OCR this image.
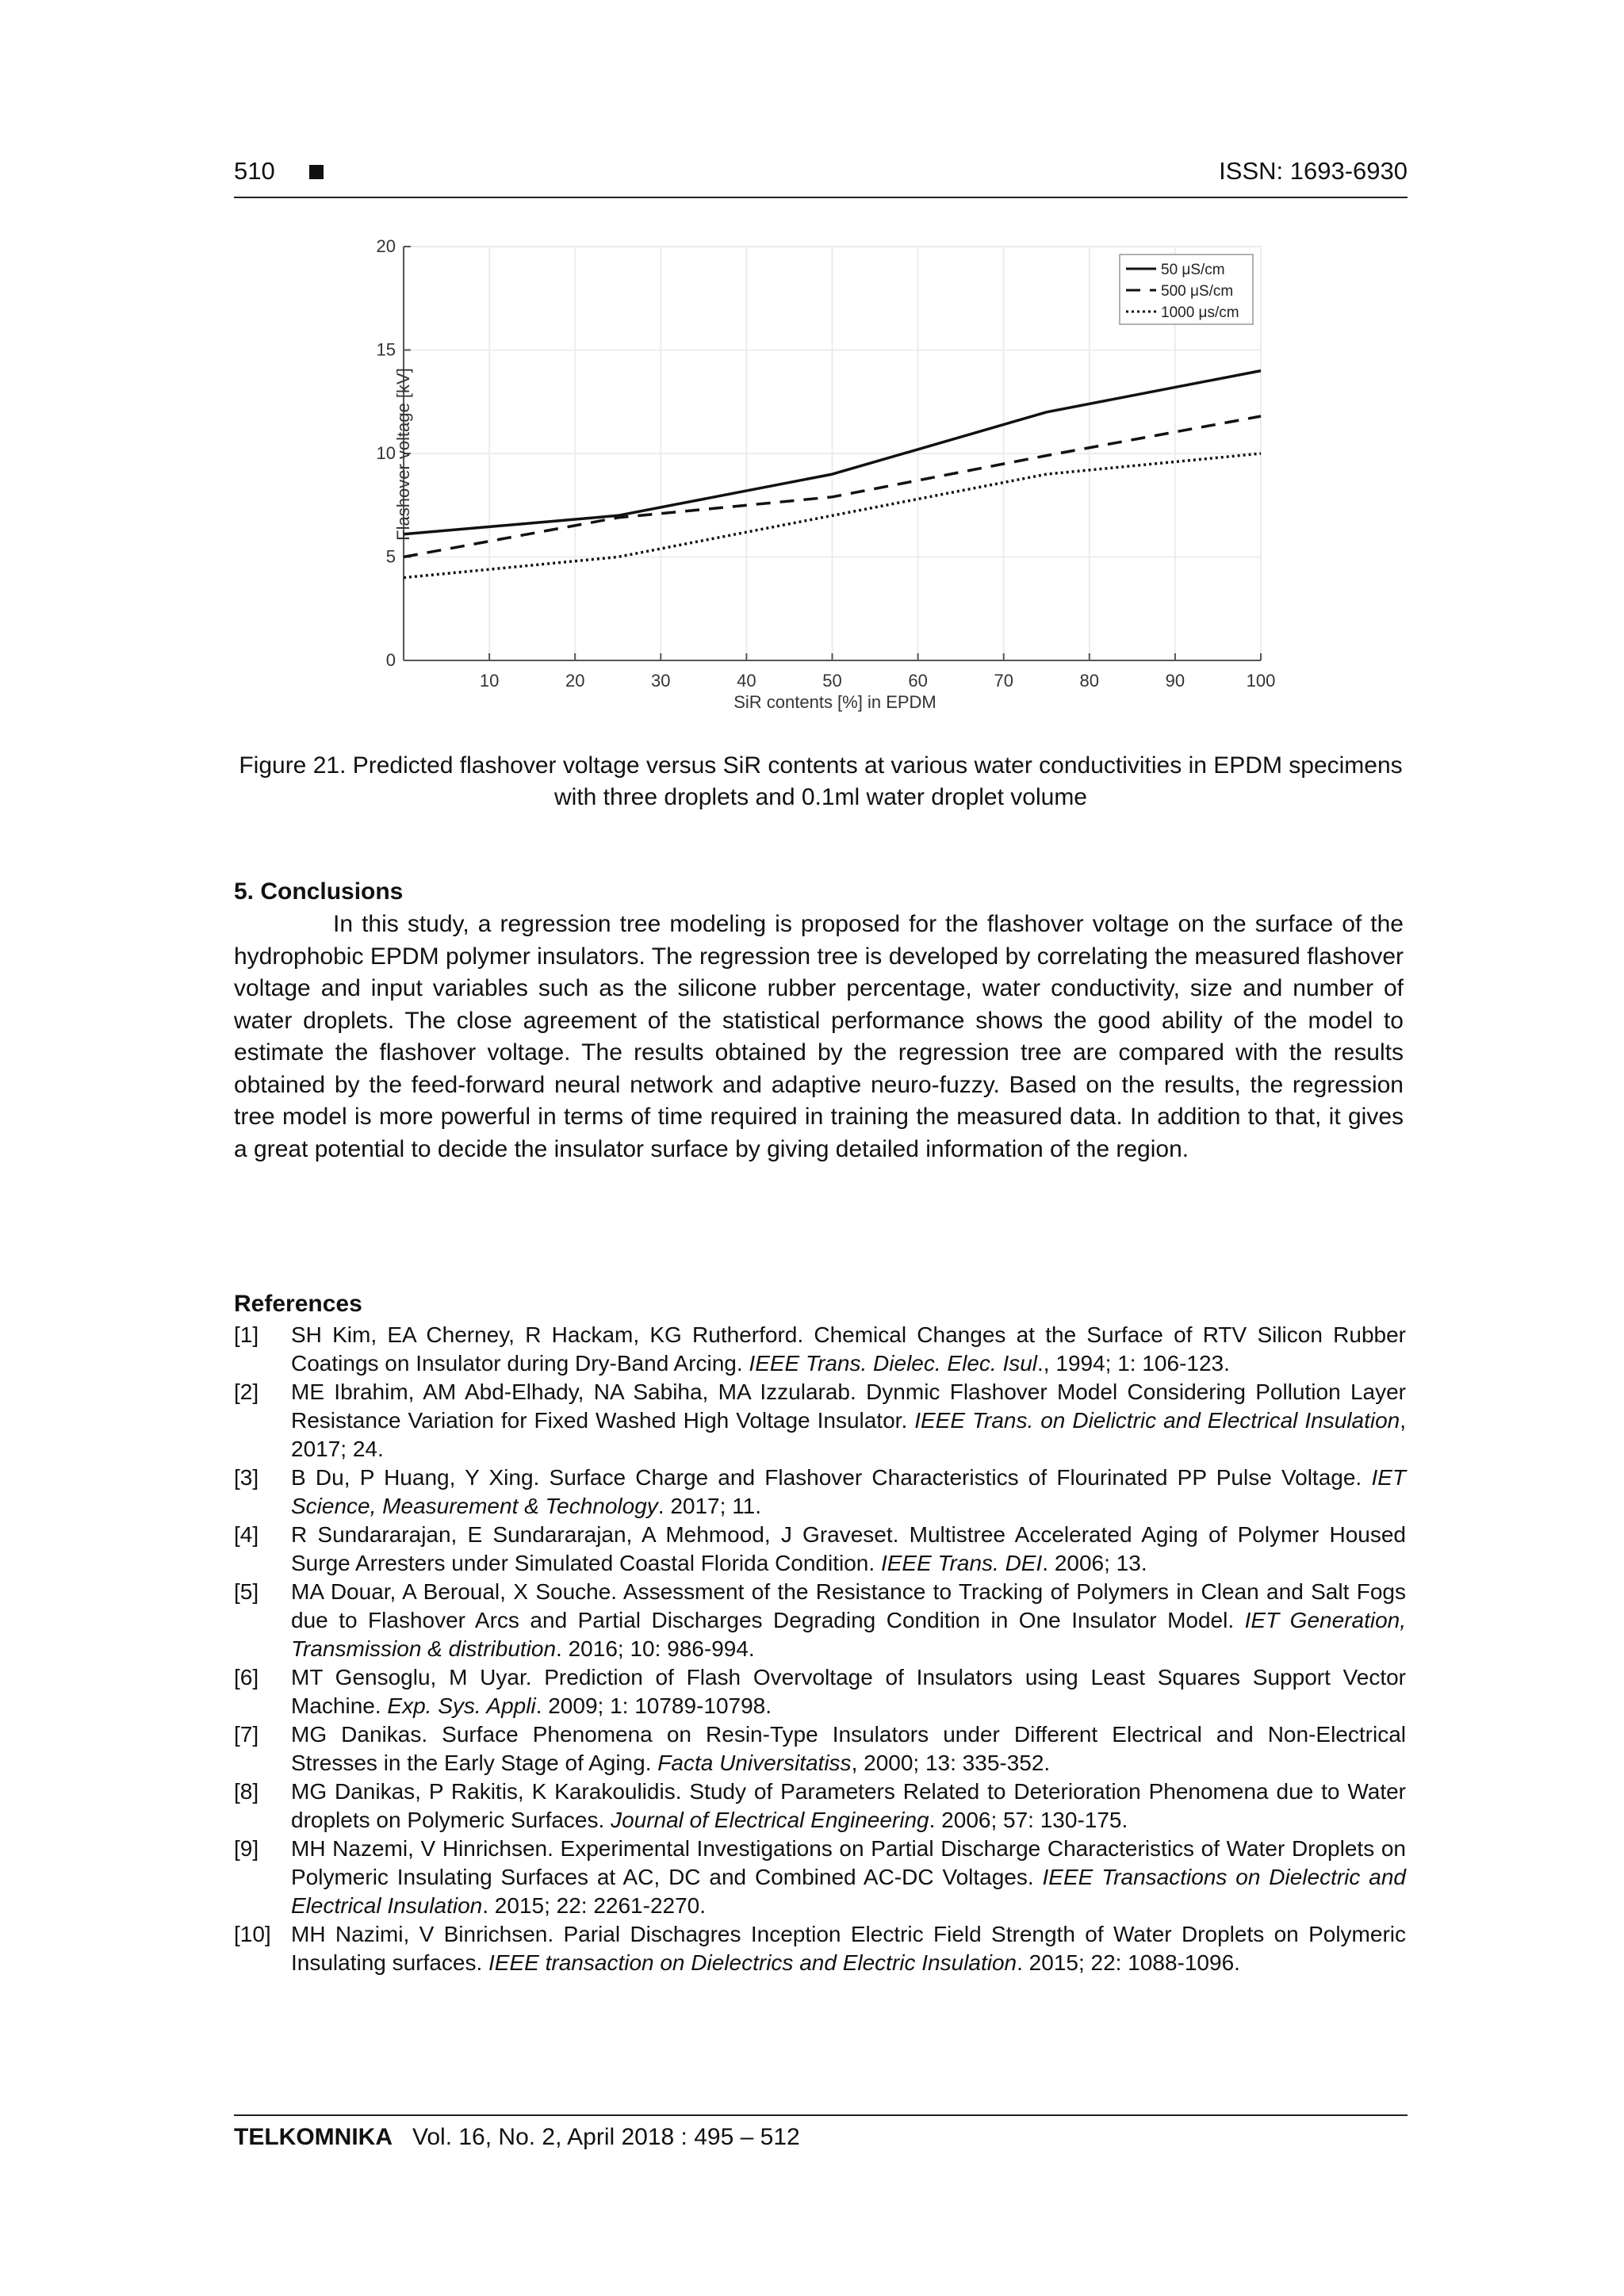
510	ISSN: 1693-6930
10	20	30	40	50	60	70	80	90	100
0
5
10
15
20
50 μS/cm
500 μS/cm
1000 μs/cm
SiR contents [%] in EPDM
Flashover voltage [kV]
Figure 21. Predicted flashover voltage versus SiR contents at various water conductivities in EPDM specimens with three droplets and 0.1ml water droplet volume
5. Conclusions

In this study, a regression tree modeling is proposed for the flashover voltage on the surface of the hydrophobic EPDM polymer insulators. The regression tree is developed by correlating the measured flashover voltage and input variables such as the silicone rubber percentage, water conductivity, size and number of water droplets. The close agreement of the statistical performance shows the good ability of the model to estimate the flashover voltage. The results obtained by the regression tree are compared with the results obtained by the feed-forward neural network and adaptive neuro-fuzzy. Based on the results, the regression tree model is more powerful in terms of time required in training the measured data. In addition to that, it gives a great potential to decide the insulator surface by giving detailed information of the region.

References
[1] SH Kim, EA Cherney, R Hackam, KG Rutherford. Chemical Changes at the Surface of RTV Silicon Rubber Coatings on Insulator during Dry-Band Arcing. IEEE Trans. Dielec. Elec. Isul., 1994; 1: 106-123.
[2] ME Ibrahim, AM Abd-Elhady, NA Sabiha, MA Izzularab. Dynmic Flashover Model Considering Pollution Layer Resistance Variation for Fixed Washed High Voltage Insulator. IEEE Trans. on Dielictric and Electrical Insulation, 2017; 24.
[3] B Du, P Huang, Y Xing. Surface Charge and Flashover Characteristics of Flourinated PP Pulse Voltage. IET Science, Measurement & Technology. 2017; 11.
[4] R Sundararajan, E Sundararajan, A Mehmood, J Graveset. Multistree Accelerated Aging of Polymer Housed Surge Arresters under Simulated Coastal Florida Condition. IEEE Trans. DEI. 2006; 13.
[5] MA Douar, A Beroual, X Souche. Assessment of the Resistance to Tracking of Polymers in Clean and Salt Fogs due to Flashover Arcs and Partial Discharges Degrading Condition in One Insulator Model. IET Generation, Transmission & distribution. 2016; 10: 986-994.
[6] MT Gensoglu, M Uyar. Prediction of Flash Overvoltage of Insulators using Least Squares Support Vector Machine. Exp. Sys. Appli. 2009; 1: 10789-10798.
[7] MG Danikas. Surface Phenomena on Resin-Type Insulators under Different Electrical and Non-Electrical Stresses in the Early Stage of Aging. Facta Universitatiss, 2000; 13: 335-352.
[8] MG Danikas, P Rakitis, K Karakoulidis. Study of Parameters Related to Deterioration Phenomena due to Water droplets on Polymeric Surfaces. Journal of Electrical Engineering. 2006; 57: 130-175.
[9] MH Nazemi, V Hinrichsen. Experimental Investigations on Partial Discharge Characteristics of Water Droplets on Polymeric Insulating Surfaces at AC, DC and Combined AC-DC Voltages. IEEE Transactions on Dielectric and Electrical Insulation. 2015; 22: 2261-2270.
[10] MH Nazimi, V Binrichsen. Parial Dischagres Inception Electric Field Strength of Water Droplets on Polymeric Insulating surfaces. IEEE transaction on Dielectrics and Electric Insulation. 2015; 22: 1088-1096.
TELKOMNIKA Vol. 16, No. 2, April 2018 : 495 – 512
